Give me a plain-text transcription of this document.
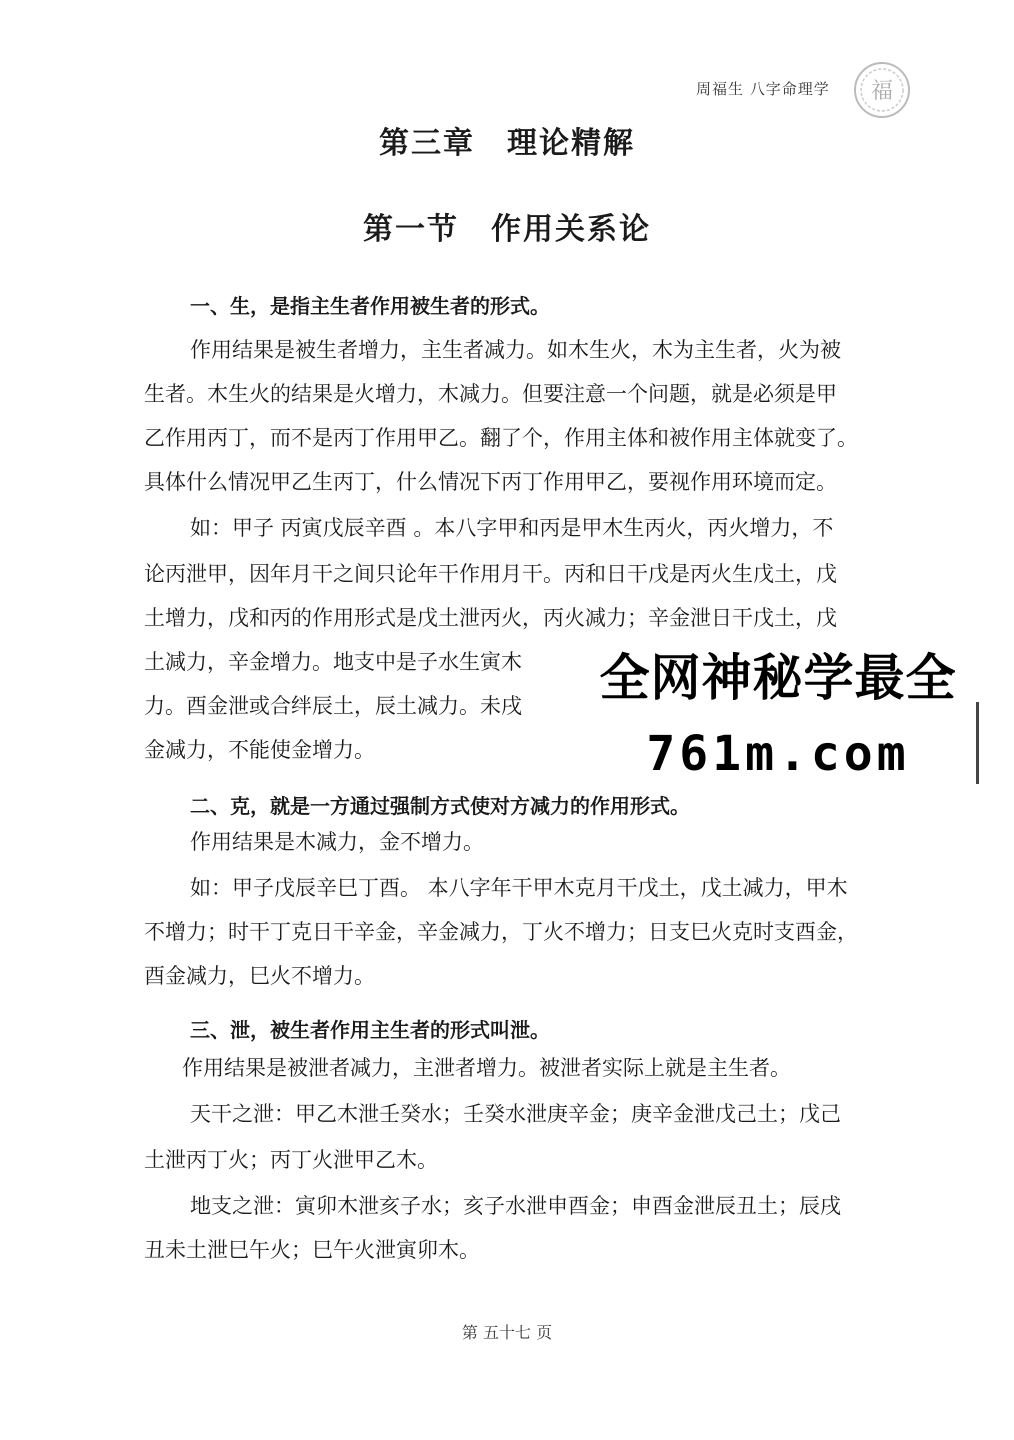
周福生 八字命理学 福
第三章　理论精解
第一节　作用关系论
一、生，是指主生者作用被生者的形式。
作用结果是被生者增力，主生者减力。如木生火，木为主生者，火为被
生者。木生火的结果是火增力，木减力。但要注意一个问题，就是必须是甲
乙作用丙丁，而不是丙丁作用甲乙。翻了个，作用主体和被作用主体就变了。
具体什么情况甲乙生丙丁，什么情况下丙丁作用甲乙，要视作用环境而定。
如：甲子 丙寅戊辰辛酉 。本八字甲和丙是甲木生丙火，丙火增力，不
论丙泄甲，因年月干之间只论年干作用月干。丙和日干戊是丙火生戊土，戊
土增力，戊和丙的作用形式是戊土泄丙火，丙火减力；辛金泄日干戊土，戊
土减力，辛金增力。地支中是子水生寅木
力。酉金泄或合绊辰土，辰土减力。未戌
金减力，不能使金增力。
全网神秘学最全
761m.com
二、克，就是一方通过强制方式使对方减力的作用形式。
作用结果是木减力，金不增力。
如：甲子戊辰辛巳丁酉。 本八字年干甲木克月干戊土，戊土减力，甲木
不增力；时干丁克日干辛金，辛金减力，丁火不增力；日支巳火克时支酉金，
酉金减力，巳火不增力。
三、泄，被生者作用主生者的形式叫泄。
作用结果是被泄者减力，主泄者增力。被泄者实际上就是主生者。
天干之泄：甲乙木泄壬癸水；壬癸水泄庚辛金；庚辛金泄戊己土；戊己
土泄丙丁火；丙丁火泄甲乙木。
地支之泄：寅卯木泄亥子水；亥子水泄申酉金；申酉金泄辰丑土；辰戌
丑未土泄巳午火；巳午火泄寅卯木。
第 五十七 页
